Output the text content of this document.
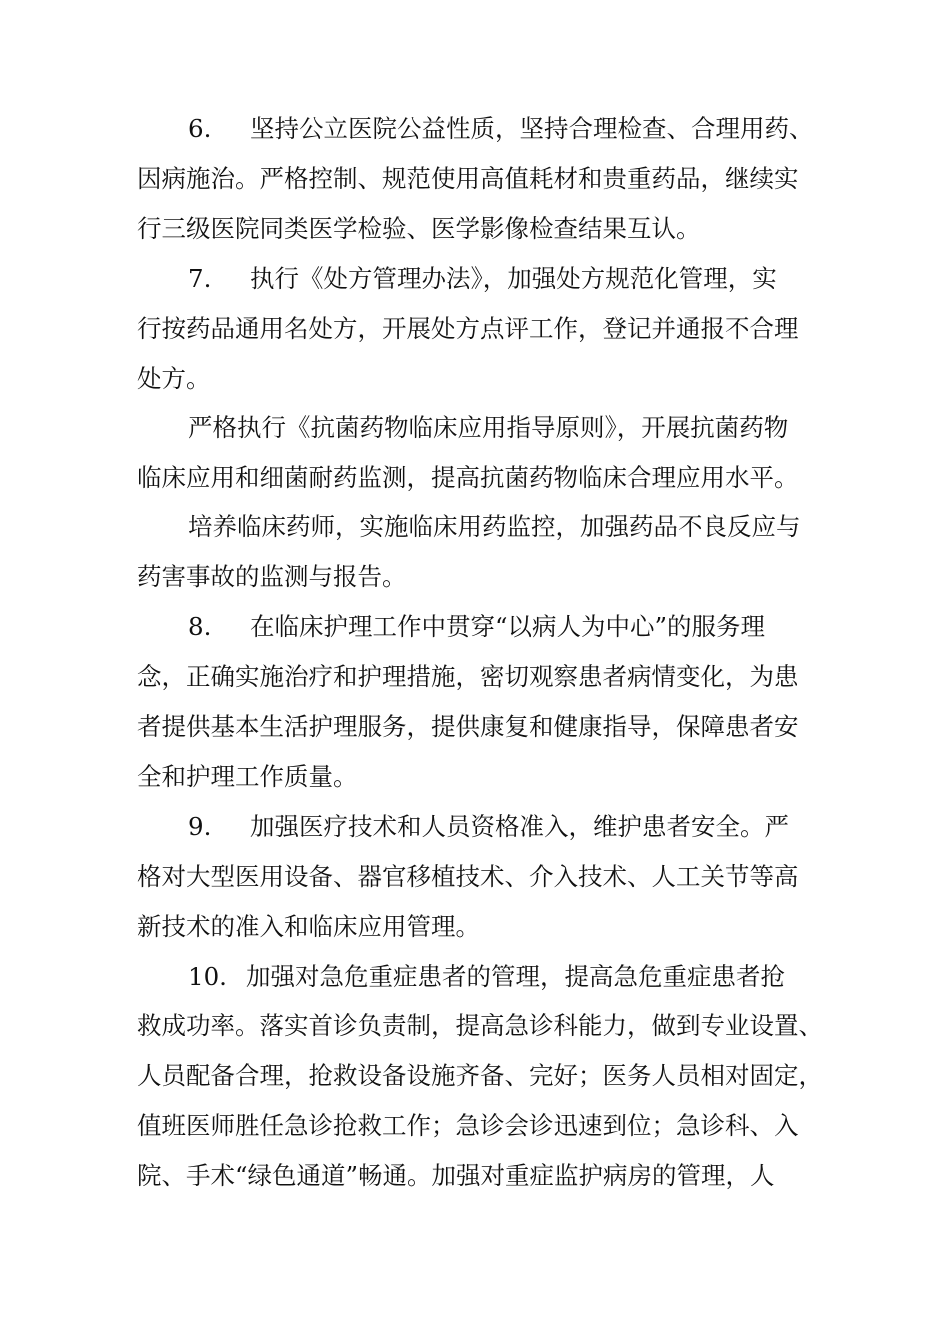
6. 坚持公立医院公益性质，坚持合理检查、合理用药、
因病施治。严格控制、规范使用高值耗材和贵重药品，继续实
行三级医院同类医学检验、医学影像检查结果互认。
7. 执行《处方管理办法》，加强处方规范化管理，实
行按药品通用名处方，开展处方点评工作，登记并通报不合理
处方。
严格执行《抗菌药物临床应用指导原则》，开展抗菌药物
临床应用和细菌耐药监测，提高抗菌药物临床合理应用水平。
培养临床药师，实施临床用药监控，加强药品不良反应与
药害事故的监测与报告。
8. 在临床护理工作中贯穿“以病人为中心”的服务理
念，正确实施治疗和护理措施，密切观察患者病情变化，为患
者提供基本生活护理服务，提供康复和健康指导，保障患者安
全和护理工作质量。
9. 加强医疗技术和人员资格准入，维护患者安全。严
格对大型医用设备、器官移植技术、介入技术、人工关节等高
新技术的准入和临床应用管理。
10. 加强对急危重症患者的管理，提高急危重症患者抢
救成功率。落实首诊负责制，提高急诊科能力，做到专业设置、
人员配备合理，抢救设备设施齐备、完好；医务人员相对固定，
值班医师胜任急诊抢救工作；急诊会诊迅速到位；急诊科、入
院、手术“绿色通道”畅通。加强对重症监护病房的管理，人
